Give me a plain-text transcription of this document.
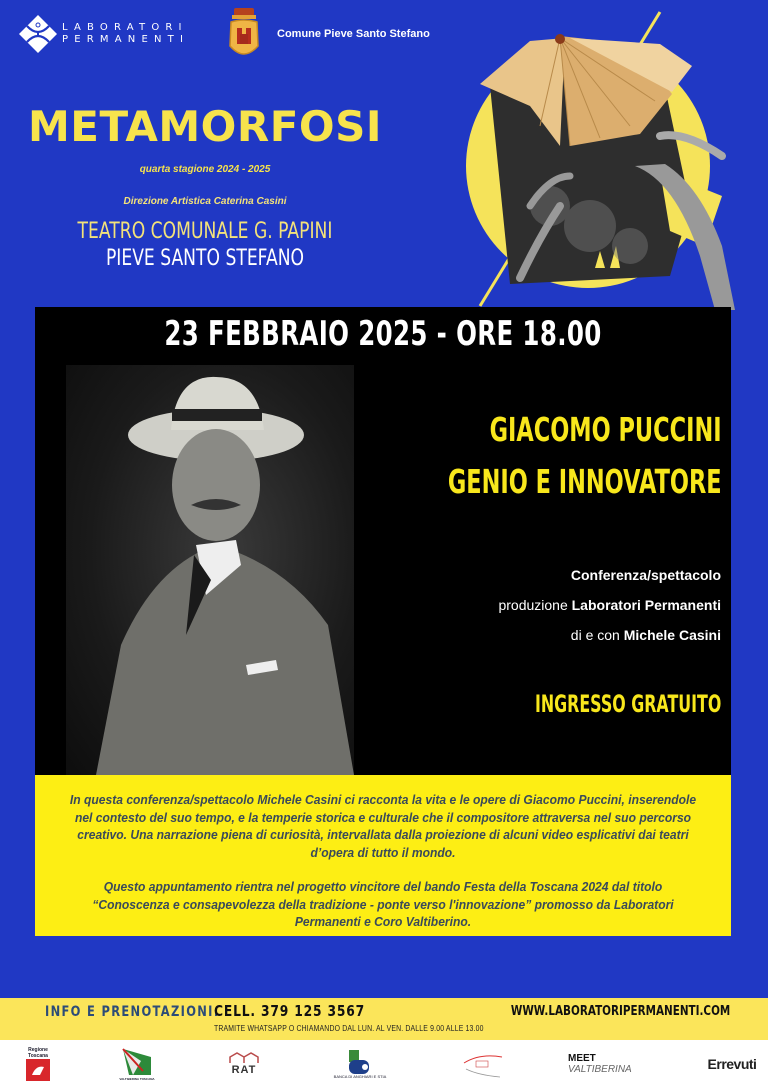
LABORATORI
PERMANENTI	Comune Pieve Santo Stefano
METAMORFOSI
quarta stagione 2024 - 2025
Direzione Artistica Caterina Casini
TEATRO COMUNALE G. PAPINI
PIEVE SANTO STEFANO
23 FEBBRAIO 2025 - ORE 18.00
GIACOMO PUCCINI
GENIO E INNOVATORE
Conferenza/spettacolo
produzione Laboratori Permanenti
di e con Michele Casini
INGRESSO GRATUITO

In questa conferenza/spettacolo Michele Casini ci racconta la vita e le opere di Giacomo Puccini, inserendole nel contesto del suo tempo, e la temperie storica e culturale che il compositore attraversa nel suo percorso creativo. Una narrazione piena di curiosità, intervallata dalla proiezione di alcuni video esplicativi dai teatri d’opera di tutto il mondo.

Questo appuntamento rientra nel progetto vincitore del bando Festa della Toscana 2024 dal titolo “Conoscenza e consapevolezza della tradizione - ponte verso l'innovazione” promosso da Laboratori Permanenti e Coro Valtiberino.

INFO E PRENOTAZIONI:
CELL. 379 125 3567
TRAMITE WHATSAPP O CHIAMANDO DAL LUN. AL VEN. DALLE 9.00 ALLE 13.00
WWW.LABORATORIPERMANENTI.COM
Regione
Toscana
VALTIBERINA TOSCANA
RAT	BANCA DI ANGHIARI E STIA
MEET VALTIBERINA	Errevuti
